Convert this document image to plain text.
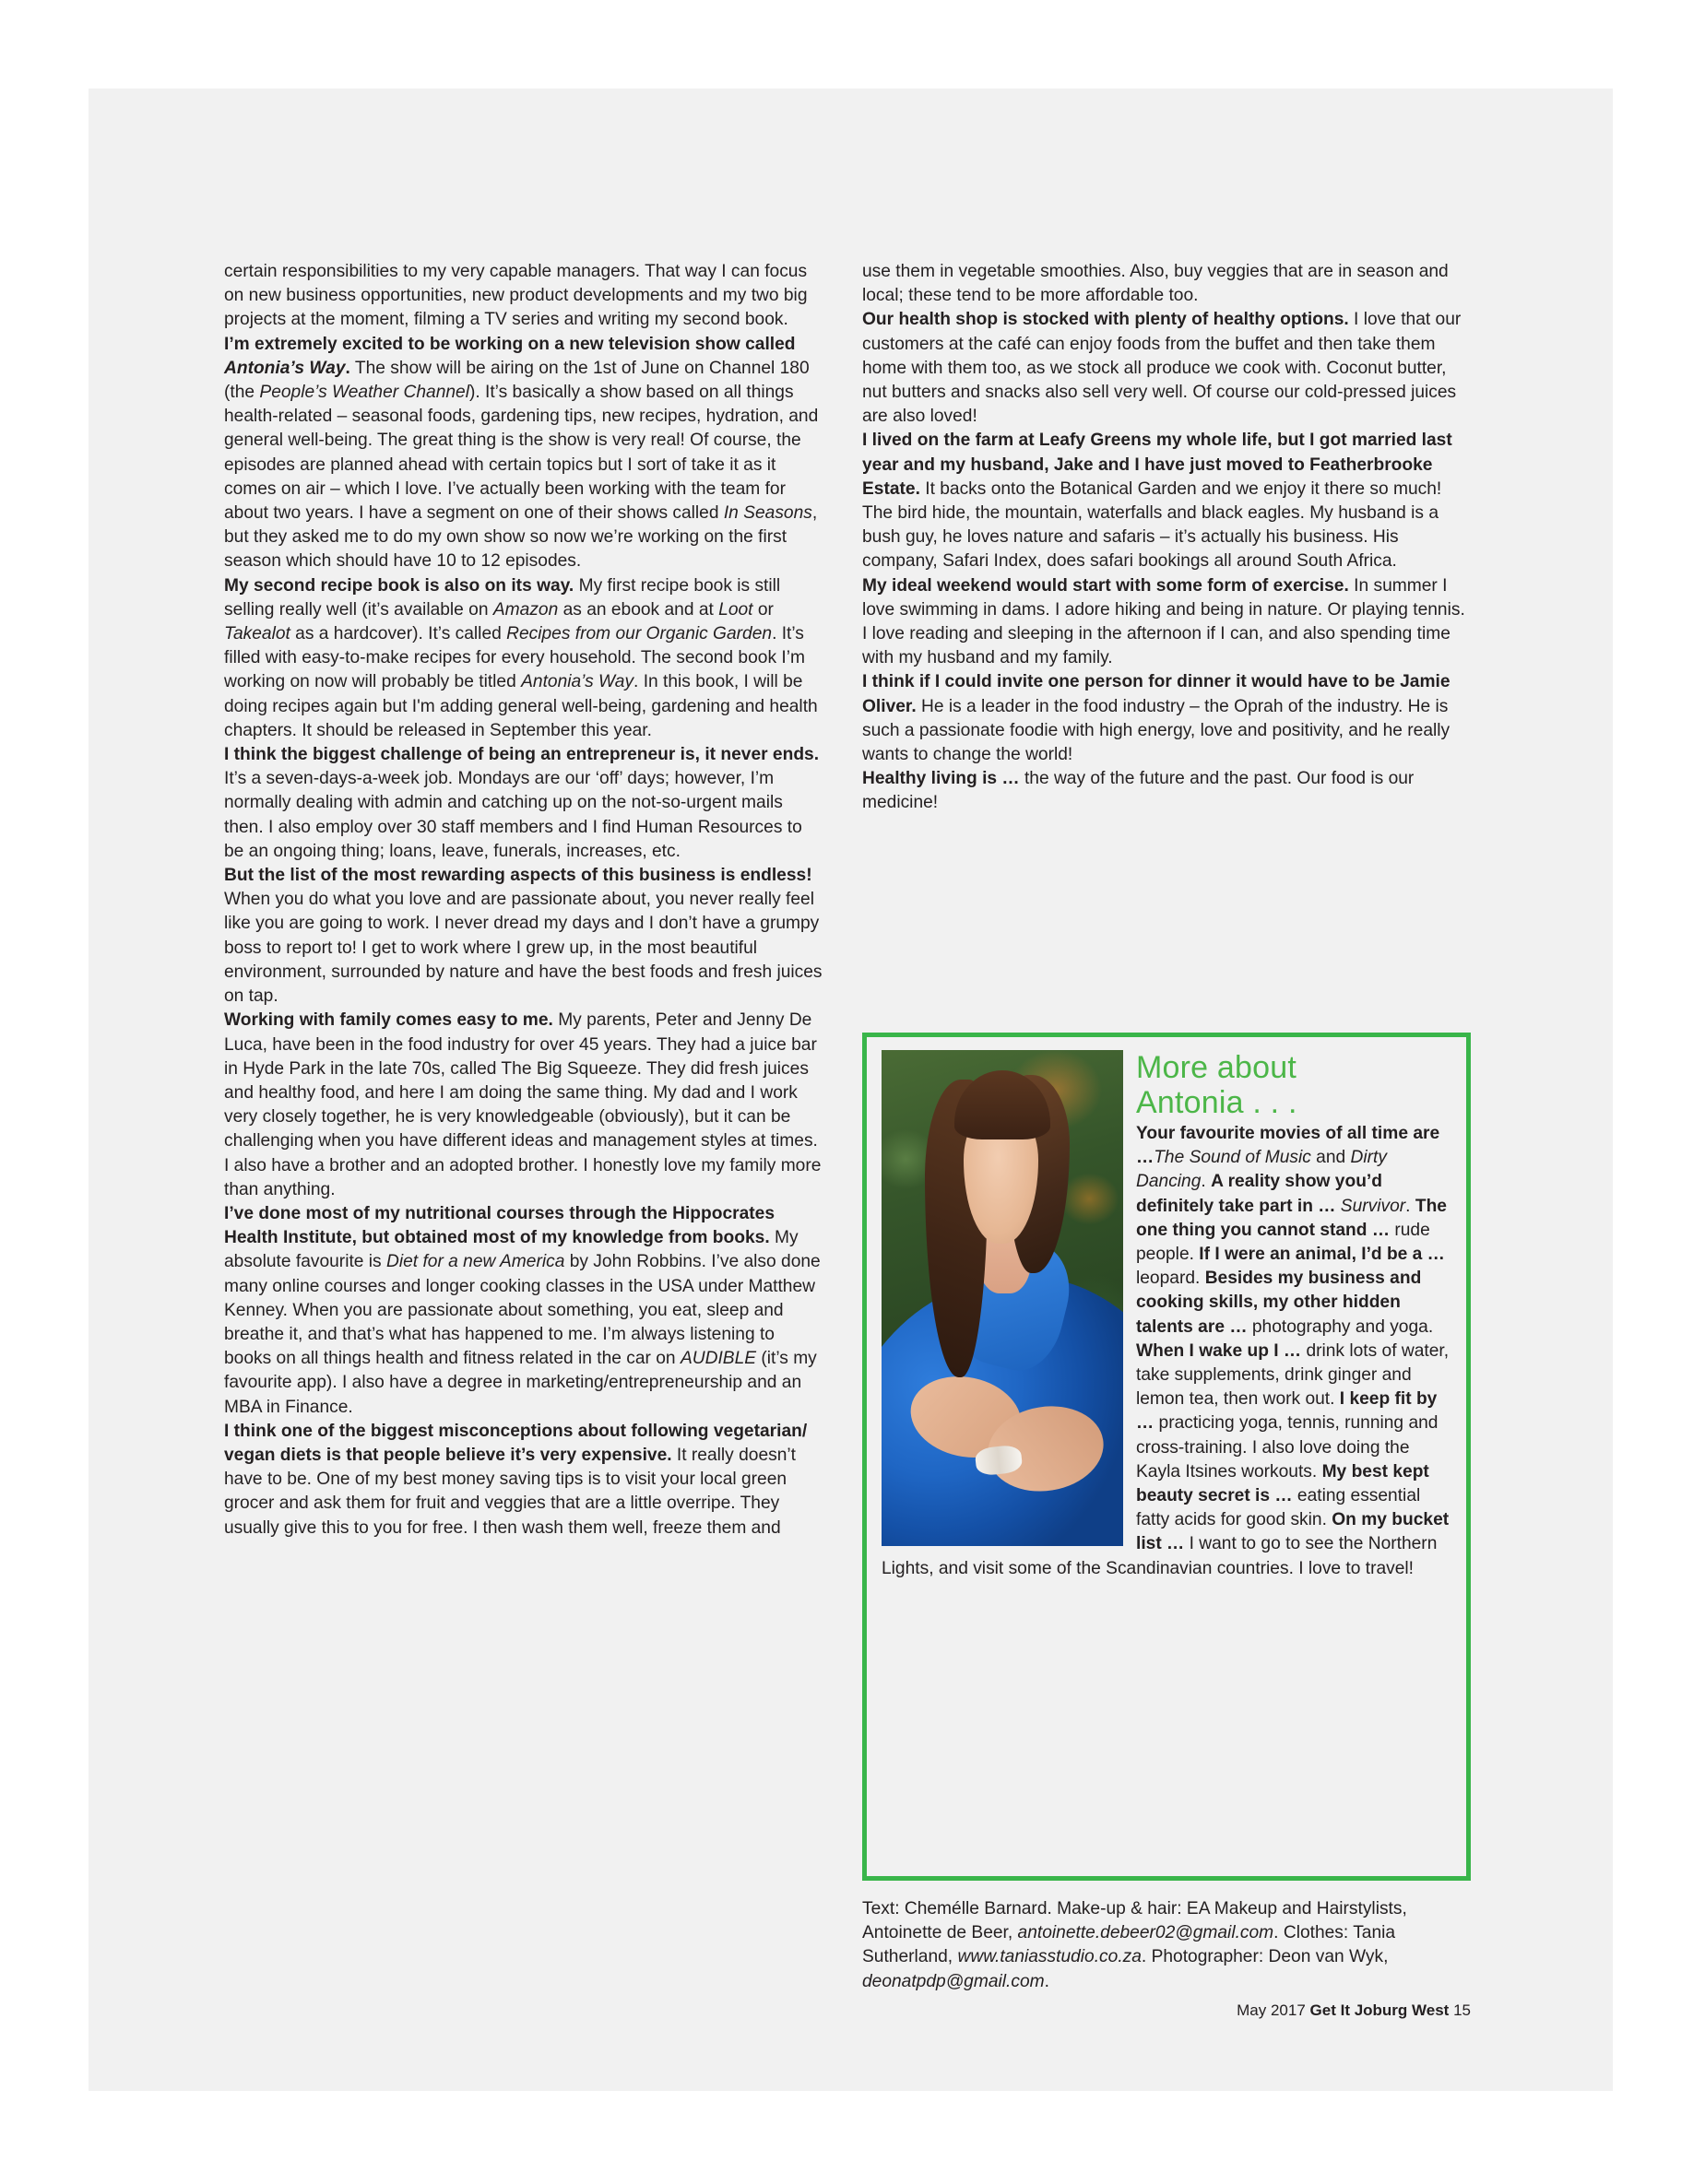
certain responsibilities to my very capable managers. That way I can focus on new business opportunities, new product developments and my two big projects at the moment, filming a TV series and writing my second book.

I’m extremely excited to be working on a new television show called Antonia’s Way. The show will be airing on the 1st of June on Channel 180 (the People’s Weather Channel). It’s basically a show based on all things health-related – seasonal foods, gardening tips, new recipes, hydration, and general well-being. The great thing is the show is very real! Of course, the episodes are planned ahead with certain topics but I sort of take it as it comes on air – which I love. I’ve actually been working with the team for about two years. I have a segment on one of their shows called In Seasons, but they asked me to do my own show so now we’re working on the first season which should have 10 to 12 episodes.

My second recipe book is also on its way. My first recipe book is still selling really well (it’s available on Amazon as an ebook and at Loot or Takealot as a hardcover). It’s called Recipes from our Organic Garden. It’s filled with easy-to-make recipes for every household. The second book I’m working on now will probably be titled Antonia’s Way. In this book, I will be doing recipes again but I'm adding general well-being, gardening and health chapters. It should be released in September this year.

I think the biggest challenge of being an entrepreneur is, it never ends. It’s a seven-days-a-week job. Mondays are our ‘off’ days; however, I’m normally dealing with admin and catching up on the not-so-urgent mails then. I also employ over 30 staff members and I find Human Resources to be an ongoing thing; loans, leave, funerals, increases, etc.

But the list of the most rewarding aspects of this business is endless! When you do what you love and are passionate about, you never really feel like you are going to work. I never dread my days and I don’t have a grumpy boss to report to! I get to work where I grew up, in the most beautiful environment, surrounded by nature and have the best foods and fresh juices on tap.

Working with family comes easy to me. My parents, Peter and Jenny De Luca, have been in the food industry for over 45 years. They had a juice bar in Hyde Park in the late 70s, called The Big Squeeze. They did fresh juices and healthy food, and here I am doing the same thing. My dad and I work very closely together, he is very knowledgeable (obviously), but it can be challenging when you have different ideas and management styles at times. I also have a brother and an adopted brother. I honestly love my family more than anything.

I’ve done most of my nutritional courses through the Hippocrates Health Institute, but obtained most of my knowledge from books. My absolute favourite is Diet for a new America by John Robbins. I’ve also done many online courses and longer cooking classes in the USA under Matthew Kenney. When you are passionate about something, you eat, sleep and breathe it, and that’s what has happened to me. I’m always listening to books on all things health and fitness related in the car on AUDIBLE (it’s my favourite app). I also have a degree in marketing/entrepreneurship and an MBA in Finance.

I think one of the biggest misconceptions about following vegetarian/ vegan diets is that people believe it’s very expensive. It really doesn’t have to be. One of my best money saving tips is to visit your local green grocer and ask them for fruit and veggies that are a little overripe. They usually give this to you for free. I then wash them well, freeze them and

use them in vegetable smoothies. Also, buy veggies that are in season and local; these tend to be more affordable too.

Our health shop is stocked with plenty of healthy options. I love that our customers at the café can enjoy foods from the buffet and then take them home with them too, as we stock all produce we cook with. Coconut butter, nut butters and snacks also sell very well. Of course our cold-pressed juices are also loved!

I lived on the farm at Leafy Greens my whole life, but I got married last year and my husband, Jake and I have just moved to Featherbrooke Estate. It backs onto the Botanical Garden and we enjoy it there so much! The bird hide, the mountain, waterfalls and black eagles. My husband is a bush guy, he loves nature and safaris – it’s actually his business. His company, Safari Index, does safari bookings all around South Africa.

My ideal weekend would start with some form of exercise. In summer I love swimming in dams. I adore hiking and being in nature. Or playing tennis. I love reading and sleeping in the afternoon if I can, and also spending time with my husband and my family.

I think if I could invite one person for dinner it would have to be Jamie Oliver. He is a leader in the food industry – the Oprah of the industry. He is such a passionate foodie with high energy, love and positivity, and he really wants to change the world!

Healthy living is … the way of the future and the past. Our food is our medicine!

More about
Antonia . . .
Your favourite movies of all time are …The Sound of Music and Dirty Dancing. A reality show you’d definitely take part in … Survivor. The one thing you cannot stand … rude people. If I were an animal, I’d be a … leopard. Besides my business and cooking skills, my other hidden talents are … photography and yoga. When I wake up I … drink lots of water, take supplements, drink ginger and lemon tea, then work out. I keep fit by … practicing yoga, tennis, running and cross-training. I also love doing the Kayla Itsines workouts. My best kept beauty secret is … eating essential fatty acids for good skin. On my bucket list … I want to go to see the Northern Lights, and visit some of the Scandinavian countries. I love to travel!
Text: Chemélle Barnard. Make-up & hair: EA Makeup and Hairstylists, Antoinette de Beer, antoinette.debeer02@gmail.com. Clothes: Tania Sutherland, www.taniasstudio.co.za. Photographer: Deon van Wyk, deonatpdp@gmail.com.
May 2017 Get It Joburg West 15
